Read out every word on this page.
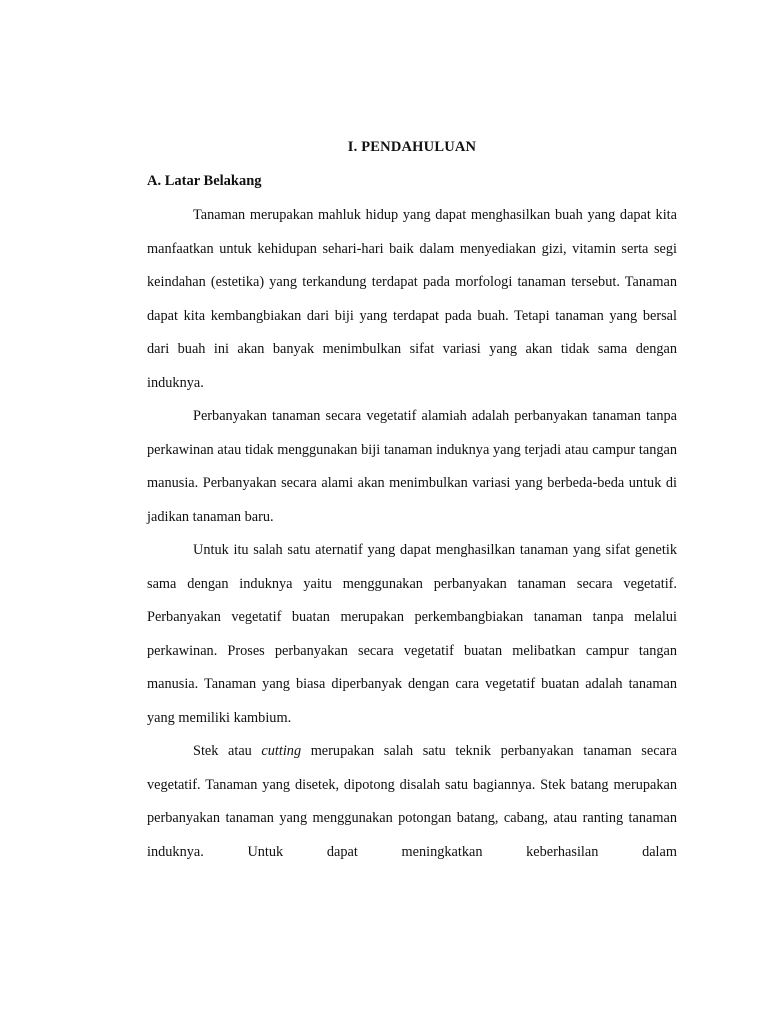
I. PENDAHULUAN
A. Latar Belakang

Tanaman merupakan mahluk hidup yang dapat menghasilkan buah yang dapat kita manfaatkan untuk kehidupan sehari-hari baik dalam menyediakan gizi, vitamin serta segi keindahan (estetika) yang terkandung terdapat pada morfologi tanaman tersebut. Tanaman dapat kita kembangbiakan dari biji yang terdapat pada buah. Tetapi tanaman yang bersal dari buah ini akan banyak menimbulkan sifat variasi yang akan tidak sama dengan induknya.

Perbanyakan tanaman secara vegetatif alamiah adalah perbanyakan tanaman tanpa perkawinan atau tidak menggunakan biji tanaman induknya yang terjadi atau campur tangan manusia. Perbanyakan secara alami akan menimbulkan variasi yang berbeda-beda untuk di jadikan tanaman baru.

Untuk itu salah satu aternatif yang dapat menghasilkan tanaman yang sifat genetik sama dengan induknya yaitu menggunakan perbanyakan tanaman secara vegetatif. Perbanyakan vegetatif buatan merupakan perkembangbiakan tanaman tanpa melalui perkawinan. Proses perbanyakan secara vegetatif buatan melibatkan campur tangan manusia. Tanaman yang biasa diperbanyak dengan cara vegetatif buatan adalah tanaman yang memiliki kambium.

Stek atau cutting merupakan salah satu teknik perbanyakan tanaman secara vegetatif. Tanaman yang disetek, dipotong disalah satu bagiannya. Stek batang merupakan perbanyakan tanaman yang menggunakan potongan batang, cabang, atau ranting tanaman induknya. Untuk dapat meningkatkan keberhasilan dalam
